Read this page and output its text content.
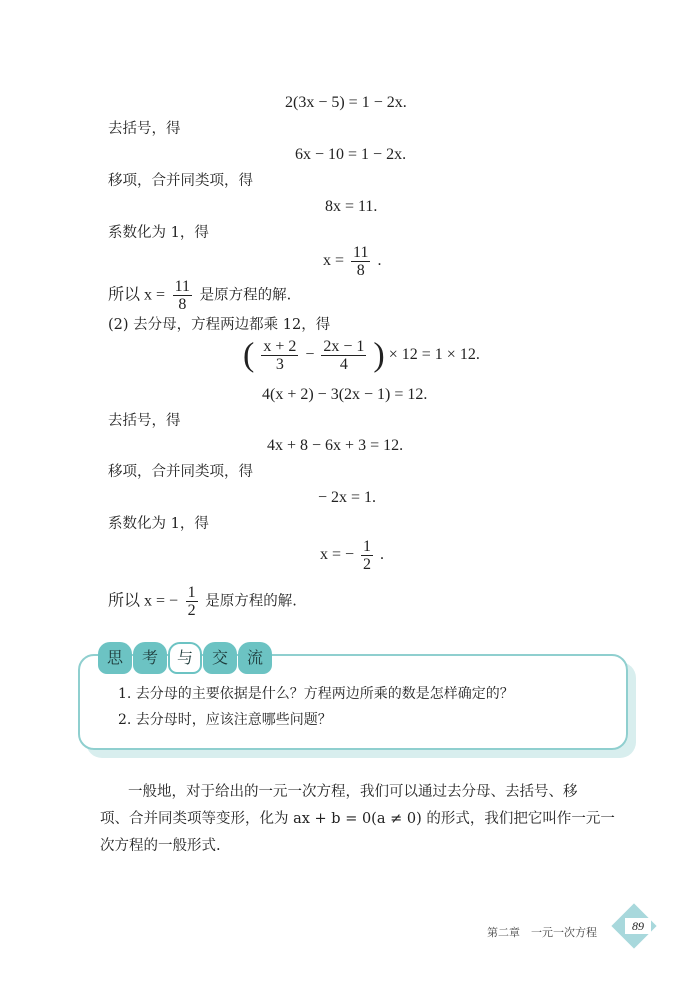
2(3x − 5) = 1 − 2x.
去括号，得
6x − 10 = 1 − 2x.
移项，合并同类项，得
8x = 11.
系数化为 1，得
$x = \frac{11}{8}$ .
所以 $x = \frac{11}{8}$ 是原方程的解.
(2) 去分母，方程两边都乘 12，得
( $\frac{x + 2}{3} - \frac{2x - 1}{4}$ ) × 12 = 1 × 12.
4(x + 2) − 3(2x − 1) = 12.
去括号，得
4x + 8 − 6x + 3 = 12.
移项，合并同类项，得
− 2x = 1.
系数化为 1，得
x = − $\frac{1}{2}$ .
所以 x = − $\frac{1}{2}$ 是原方程的解.
思	考	与	交	流
1. 去分母的主要依据是什么？方程两边所乘的数是怎样确定的？
2. 去分母时，应该注意哪些问题？
一般地，对于给出的一元一次方程，我们可以通过去分母、去括号、移
项、合并同类项等变形，化为 ax + b = 0(a ≠ 0) 的形式，我们把它叫作一元一
次方程的一般形式.
第二章　一元一次方程	89
